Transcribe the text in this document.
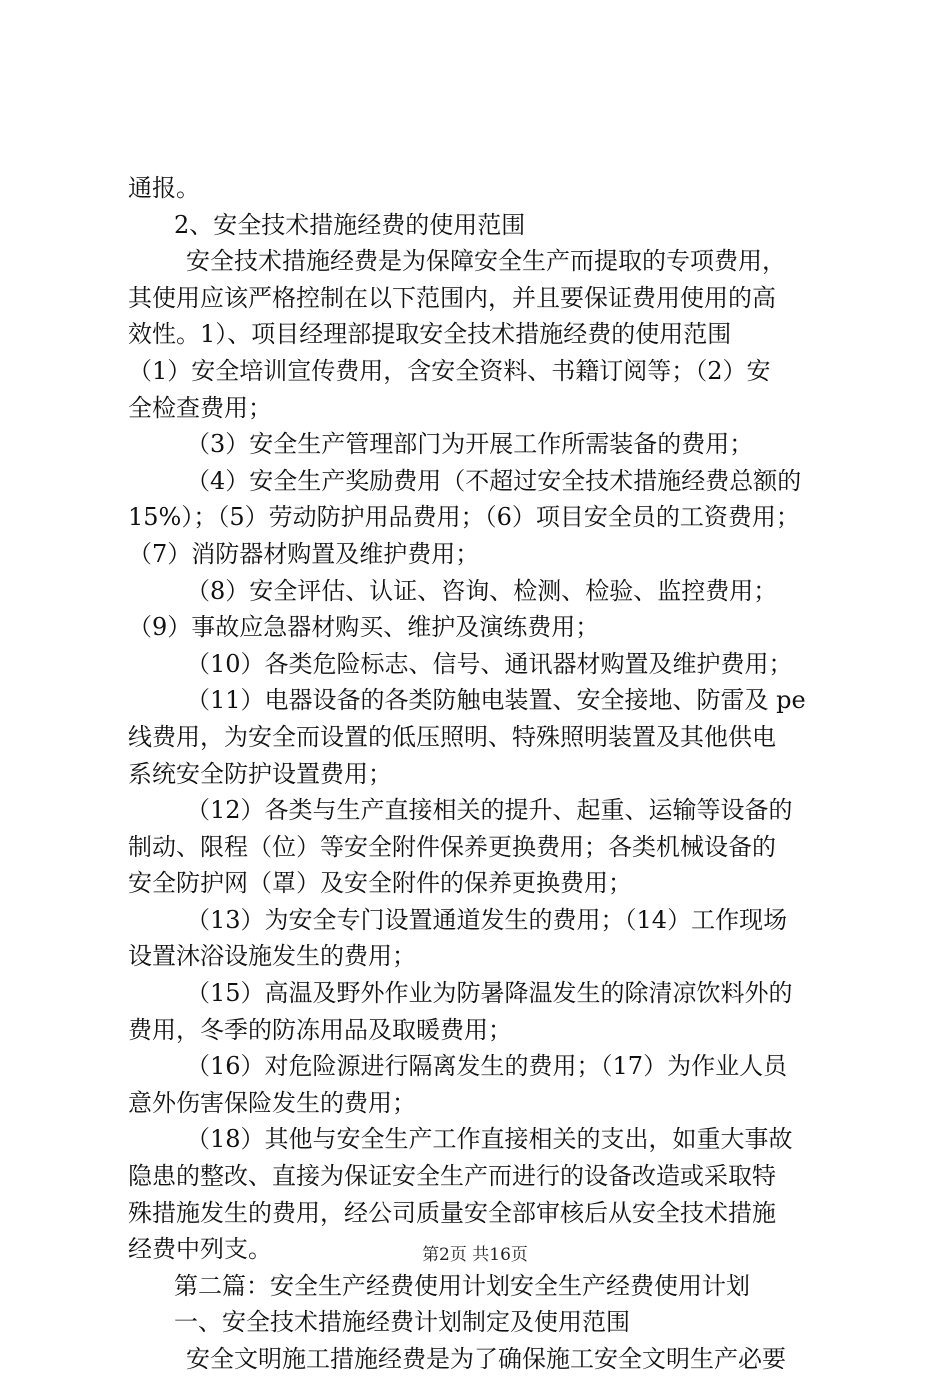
通报。
2、安全技术措施经费的使用范围
安全技术措施经费是为保障安全生产而提取的专项费用，
其使用应该严格控制在以下范围内，并且要保证费用使用的高
效性。1）、项目经理部提取安全技术措施经费的使用范围
（1）安全培训宣传费用，含安全资料、书籍订阅等；（2）安
全检查费用；
（3）安全生产管理部门为开展工作所需装备的费用；
（4）安全生产奖励费用（不超过安全技术措施经费总额的
15%）；（5）劳动防护用品费用；（6）项目安全员的工资费用；
（7）消防器材购置及维护费用；
（8）安全评估、认证、咨询、检测、检验、监控费用；
（9）事故应急器材购买、维护及演练费用；
（10）各类危险标志、信号、通讯器材购置及维护费用；
（11）电器设备的各类防触电装置、安全接地、防雷及 pe
线费用，为安全而设置的低压照明、特殊照明装置及其他供电
系统安全防护设置费用；
（12）各类与生产直接相关的提升、起重、运输等设备的
制动、限程（位）等安全附件保养更换费用；各类机械设备的
安全防护网（罩）及安全附件的保养更换费用；
（13）为安全专门设置通道发生的费用；（14）工作现场
设置沐浴设施发生的费用；
（15）高温及野外作业为防暑降温发生的除清凉饮料外的
费用，冬季的防冻用品及取暖费用；
（16）对危险源进行隔离发生的费用；（17）为作业人员
意外伤害保险发生的费用；
（18）其他与安全生产工作直接相关的支出，如重大事故
隐患的整改、直接为保证安全生产而进行的设备改造或采取特
殊措施发生的费用，经公司质量安全部审核后从安全技术措施
经费中列支。
第二篇：安全生产经费使用计划安全生产经费使用计划
一、安全技术措施经费计划制定及使用范围
安全文明施工措施经费是为了确保施工安全文明生产必要
第2页 共16页
